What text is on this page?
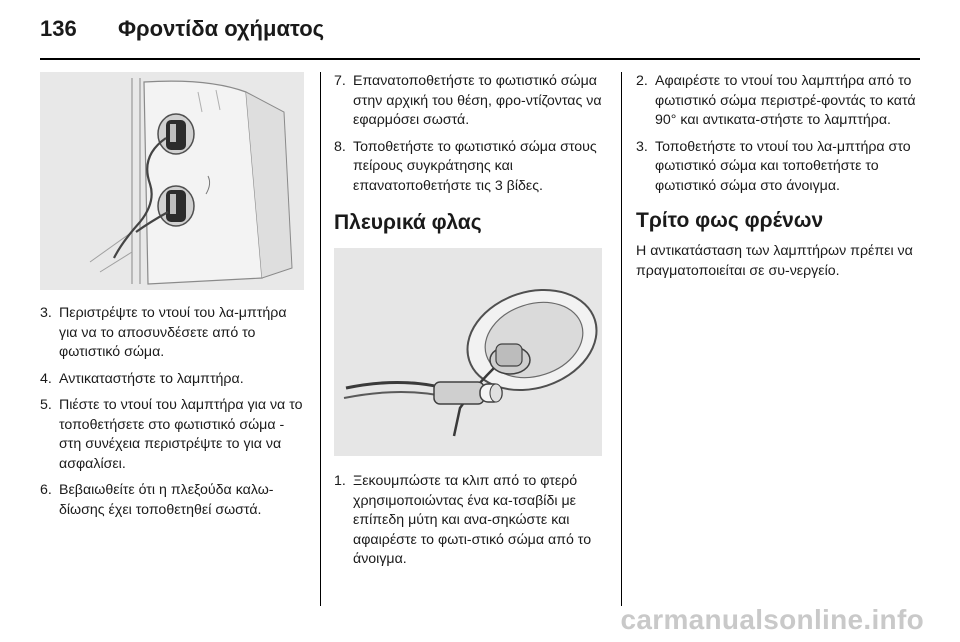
136 Φροντίδα οχήματος
3. Περιστρέψτε το ντουί του λα-μπτήρα για να το αποσυνδέσετε από το φωτιστικό σώμα.
4. Αντικαταστήστε το λαμπτήρα.
5. Πιέστε το ντουί του λαμπτήρα για να το τοποθετήσετε στο φωτιστικό σώμα - στη συνέχεια περιστρέψτε το για να ασφαλίσει.
6. Βεβαιωθείτε ότι η πλεξούδα καλω-δίωσης έχει τοποθετηθεί σωστά.
7. Επανατοποθετήστε το φωτιστικό σώμα στην αρχική του θέση, φρο-ντίζοντας να εφαρμόσει σωστά.
8. Τοποθετήστε το φωτιστικό σώμα στους πείρους συγκράτησης και επανατοποθετήστε τις 3 βίδες.
Πλευρικά φλας
1. Ξεκουμπώστε τα κλιπ από το φτερό χρησιμοποιώντας ένα κα-τσαβίδι με επίπεδη μύτη και ανα-σηκώστε και αφαιρέστε το φωτι-στικό σώμα από το άνοιγμα.
2. Αφαιρέστε το ντουί του λαμπτήρα από το φωτιστικό σώμα περιστρέ-φοντάς το κατά 90° και αντικατα-στήστε το λαμπτήρα.
3. Τοποθετήστε το ντουί του λα-μπτήρα στο φωτιστικό σώμα και τοποθετήστε το φωτιστικό σώμα στο άνοιγμα.
Τρίτο φως φρένων

Η αντικατάσταση των λαμπτήρων πρέπει να πραγματοποιείται σε συ-νεργείο.

carmanualsonline.info
